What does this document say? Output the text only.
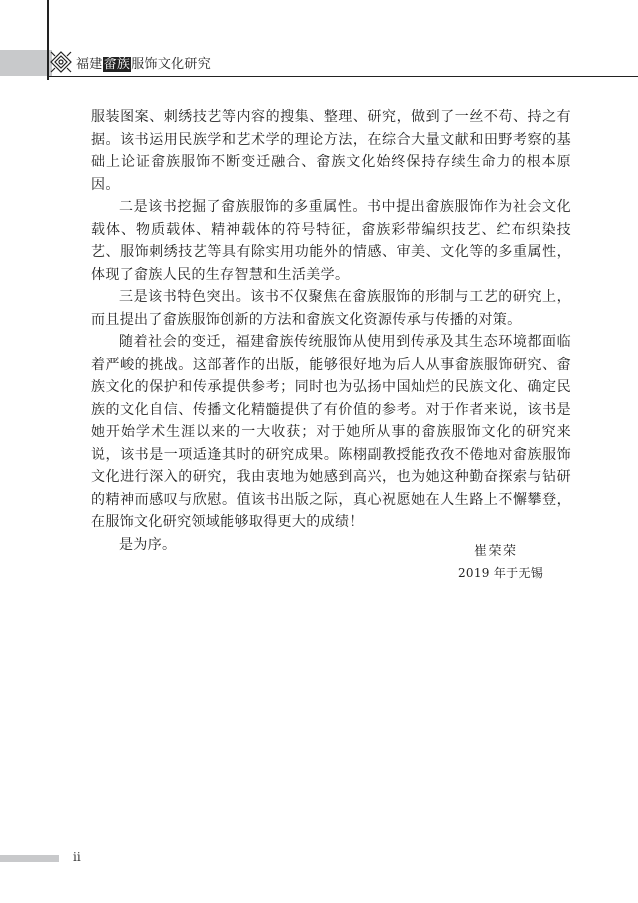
福建畲族服饰文化研究

服装图案、刺绣技艺等内容的搜集、整理、研究，做到了一丝不苟、持之有据。该书运用民族学和艺术学的理论方法，在综合大量文献和田野考察的基础上论证畲族服饰不断变迁融合、畲族文化始终保持存续生命力的根本原因。

二是该书挖掘了畲族服饰的多重属性。书中提出畲族服饰作为社会文化载体、物质载体、精神载体的符号特征，畲族彩带编织技艺、纻布织染技艺、服饰刺绣技艺等具有除实用功能外的情感、审美、文化等的多重属性，体现了畲族人民的生存智慧和生活美学。

三是该书特色突出。该书不仅聚焦在畲族服饰的形制与工艺的研究上，而且提出了畲族服饰创新的方法和畲族文化资源传承与传播的对策。

随着社会的变迁，福建畲族传统服饰从使用到传承及其生态环境都面临着严峻的挑战。这部著作的出版，能够很好地为后人从事畲族服饰研究、畲族文化的保护和传承提供参考；同时也为弘扬中国灿烂的民族文化、确定民族的文化自信、传播文化精髓提供了有价值的参考。对于作者来说，该书是她开始学术生涯以来的一大收获；对于她所从事的畲族服饰文化的研究来说，该书是一项适逢其时的研究成果。陈栩副教授能孜孜不倦地对畲族服饰文化进行深入的研究，我由衷地为她感到高兴，也为她这种勤奋探索与钻研的精神而感叹与欣慰。值该书出版之际，真心祝愿她在人生路上不懈攀登，在服饰文化研究领域能够取得更大的成绩！

是为序。	崔荣荣
2019 年于无锡
ii
